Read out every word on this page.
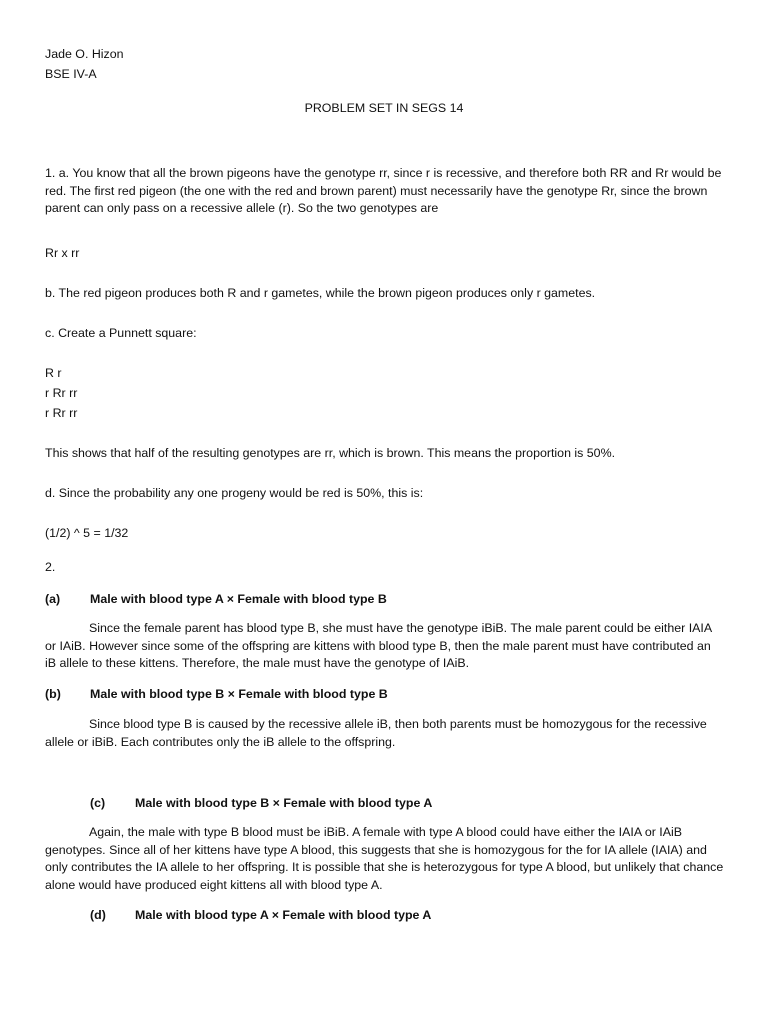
Jade O. Hizon
BSE IV-A
PROBLEM SET IN SEGS 14
1. a. You know that all the brown pigeons have the genotype rr, since r is recessive, and therefore both RR and Rr would be red. The first red pigeon (the one with the red and brown parent) must necessarily have the genotype Rr, since the brown parent can only pass on a recessive allele (r). So the two genotypes are
Rr x rr
b. The red pigeon produces both R and r gametes, while the brown pigeon produces only r gametes.
c. Create a Punnett square:
R r
r Rr rr
r Rr rr
This shows that half of the resulting genotypes are rr, which is brown. This means the proportion is 50%.
d. Since the probability any one progeny would be red is 50%, this is:
(1/2) ^ 5 = 1/32
2.
(a) Male with blood type A × Female with blood type B
Since the female parent has blood type B, she must have the genotype iBiB. The male parent could be either IAIA or IAiB. However since some of the offspring are kittens with blood type B, then the male parent must have contributed an iB allele to these kittens. Therefore, the male must have the genotype of IAiB.
(b) Male with blood type B × Female with blood type B
Since blood type B is caused by the recessive allele iB, then both parents must be homozygous for the recessive allele or iBiB. Each contributes only the iB allele to the offspring.
(c) Male with blood type B × Female with blood type A
Again, the male with type B blood must be iBiB. A female with type A blood could have either the IAIA or IAiB genotypes. Since all of her kittens have type A blood, this suggests that she is homozygous for the for IA allele (IAIA) and only contributes the IA allele to her offspring. It is possible that she is heterozygous for type A blood, but unlikely that chance alone would have produced eight kittens all with blood type A.
(d) Male with blood type A × Female with blood type A
